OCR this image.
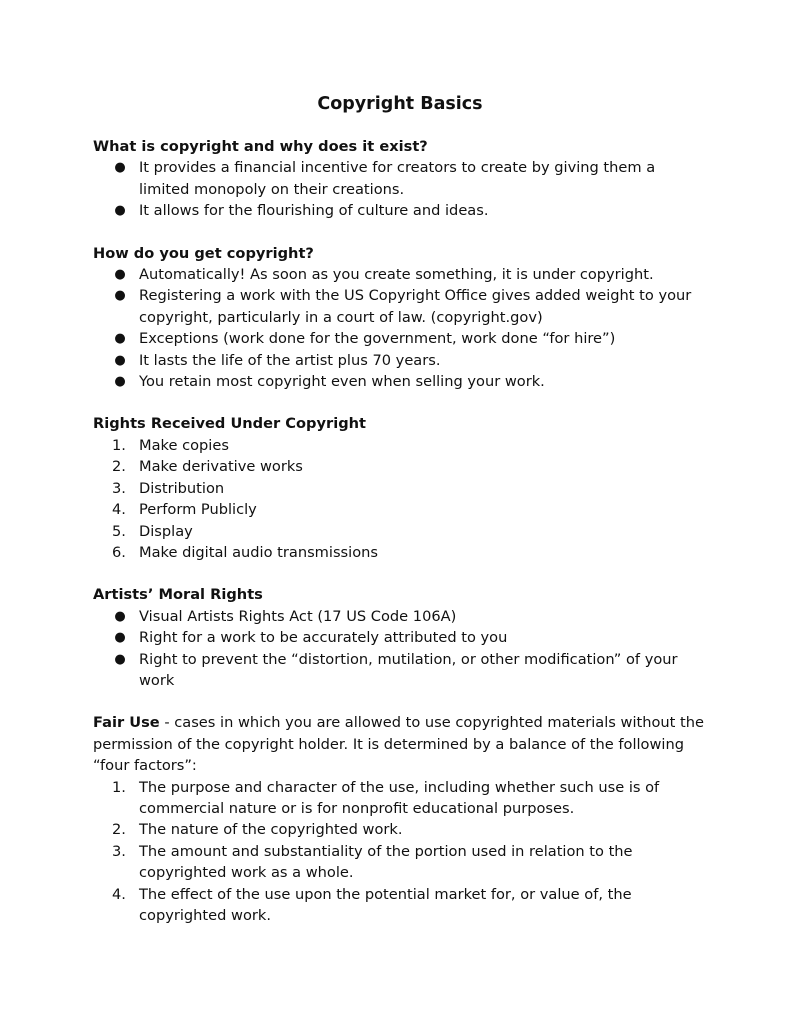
Copyright Basics
What is copyright and why does it exist?
● It provides a financial incentive for creators to create by giving them a limited monopoly on their creations.
● It allows for the flourishing of culture and ideas.
How do you get copyright?
● Automatically! As soon as you create something, it is under copyright.
● Registering a work with the US Copyright Office gives added weight to your copyright, particularly in a court of law. (copyright.gov)
● Exceptions (work done for the government, work done “for hire”)
● It lasts the life of the artist plus 70 years.
● You retain most copyright even when selling your work.
Rights Received Under Copyright
1. Make copies
2. Make derivative works
3. Distribution
4. Perform Publicly
5. Display
6. Make digital audio transmissions
Artists’ Moral Rights
● Visual Artists Rights Act (17 US Code 106A)
● Right for a work to be accurately attributed to you
● Right to prevent the “distortion, mutilation, or other modification” of your work

Fair Use - cases in which you are allowed to use copyrighted materials without the permission of the copyright holder. It is determined by a balance of the following “four factors”:

1. The purpose and character of the use, including whether such use is of commercial nature or is for nonprofit educational purposes.
2. The nature of the copyrighted work.
3. The amount and substantiality of the portion used in relation to the copyrighted work as a whole.
4. The effect of the use upon the potential market for, or value of, the copyrighted work.
